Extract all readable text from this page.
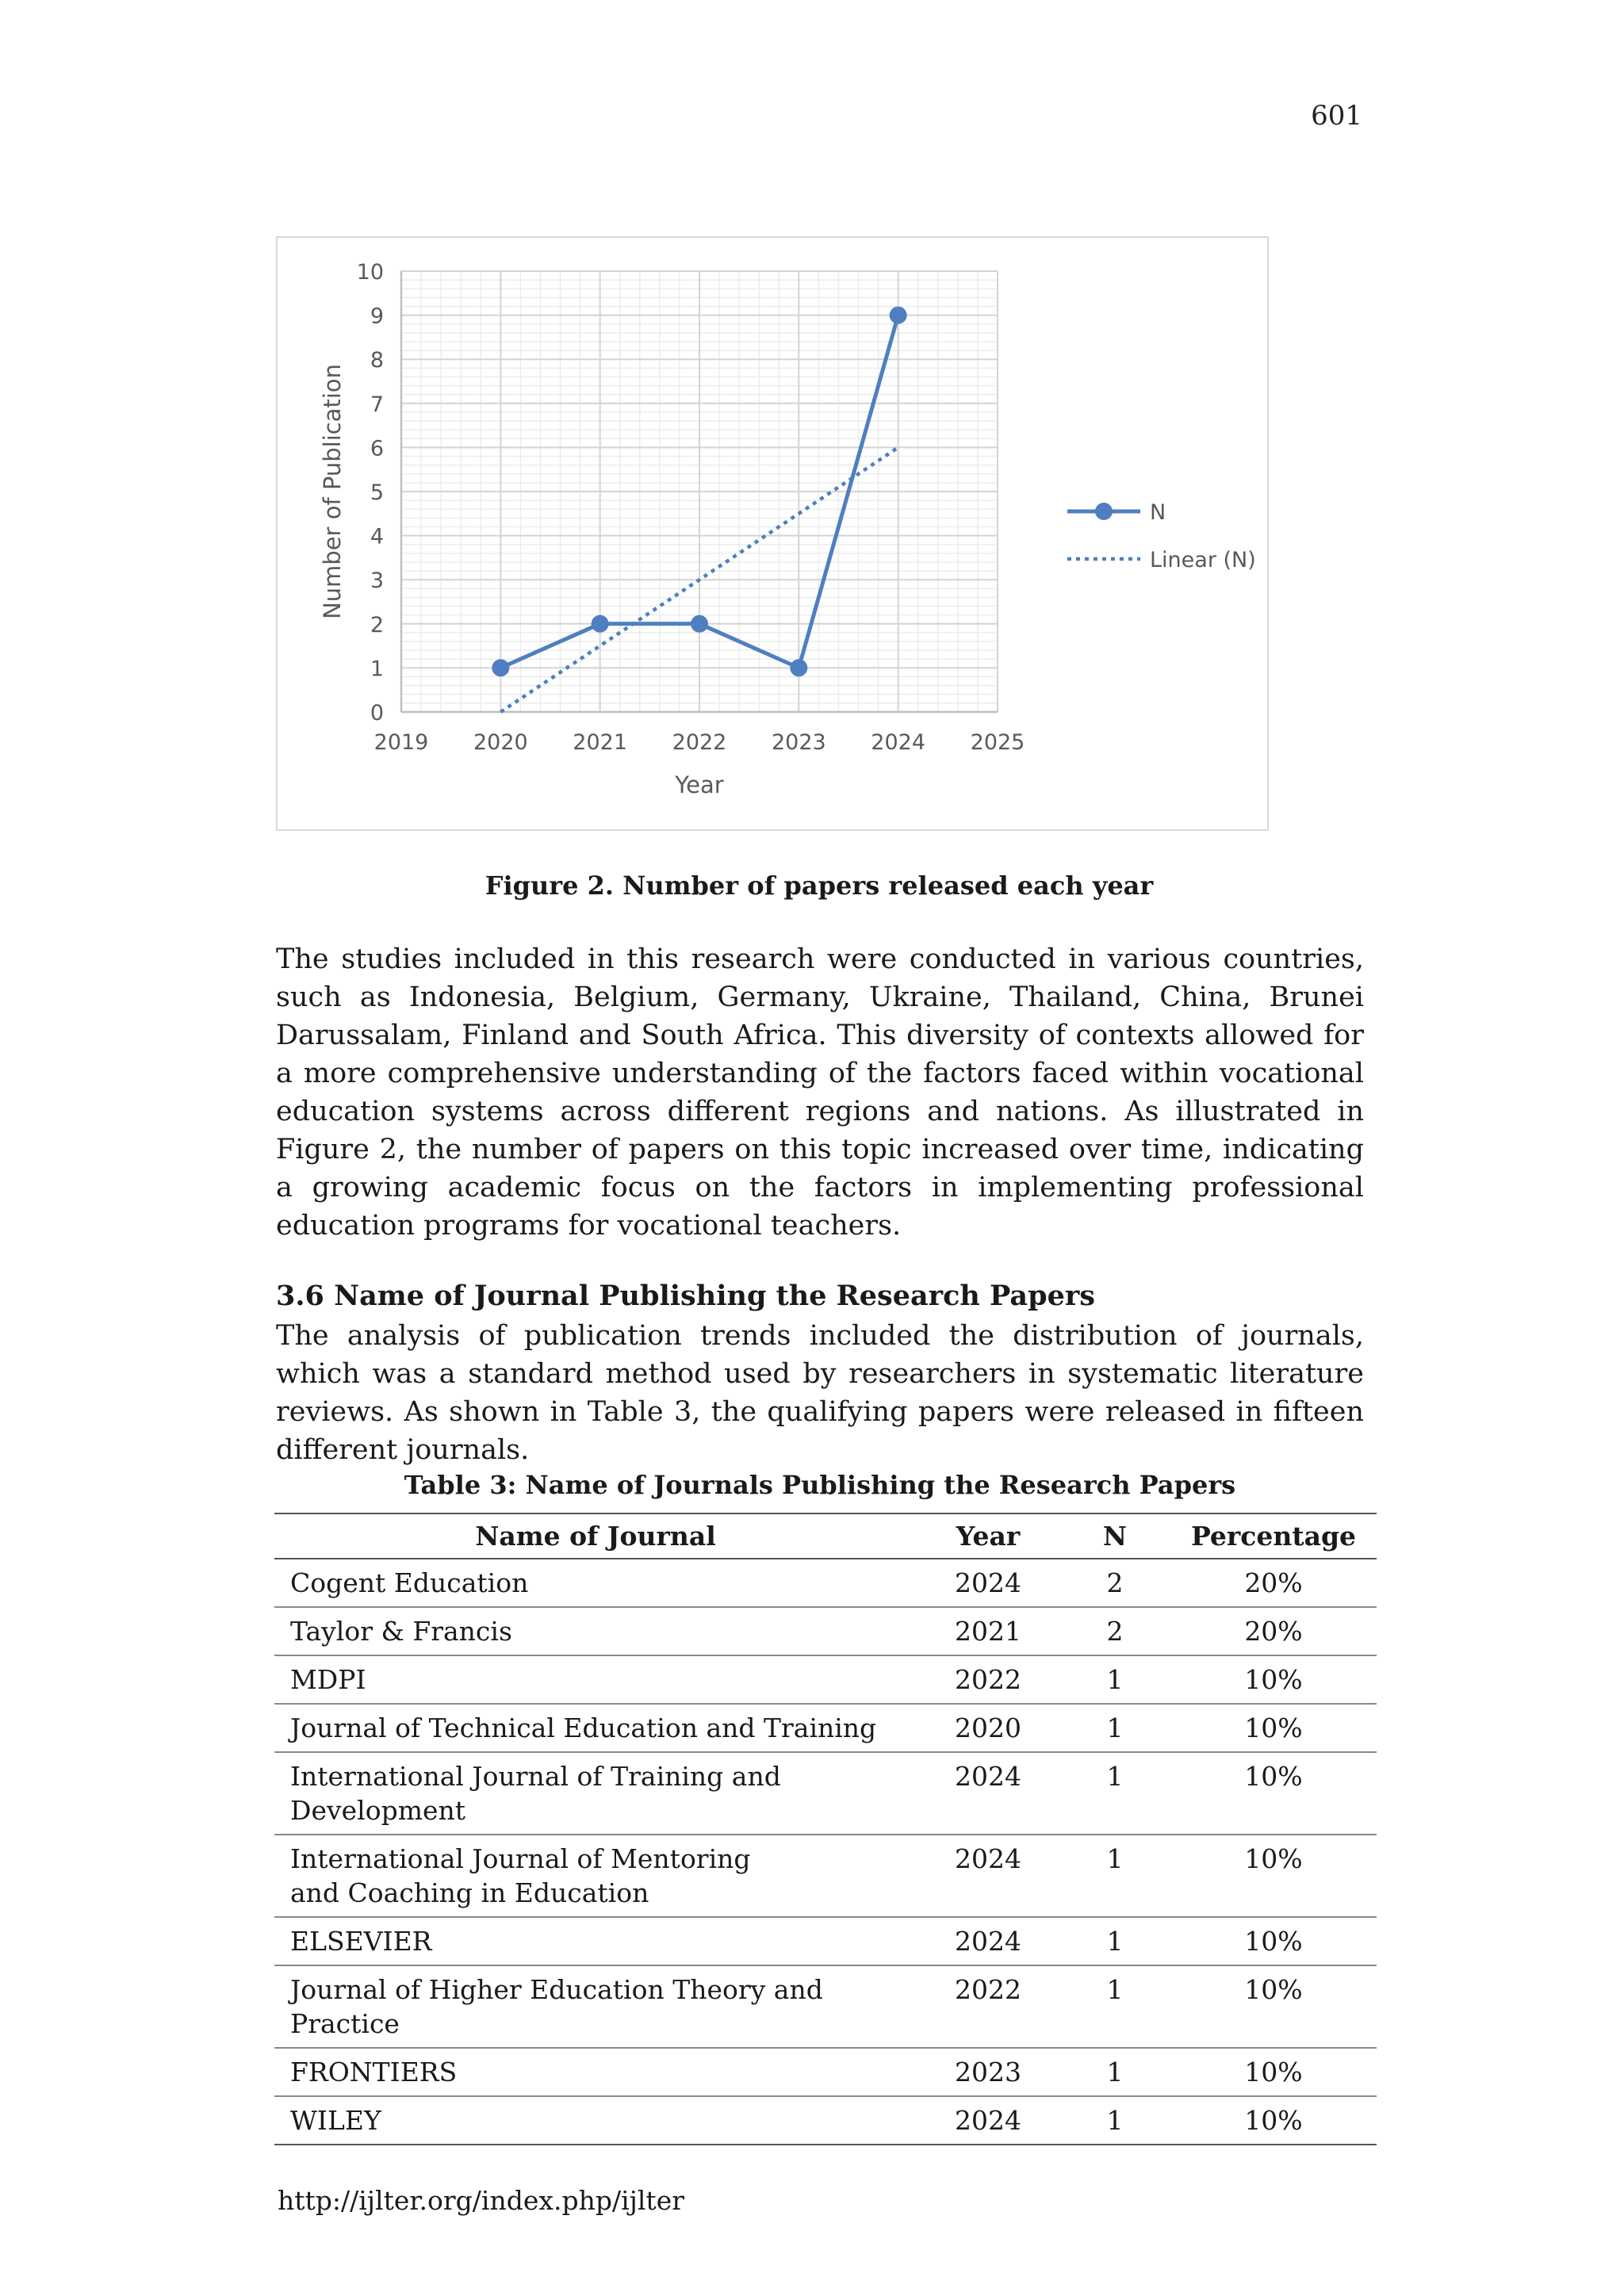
601
0
1
2
3
4
5
6
7
8
9
10
2019 2020 2021 2022 2023 2024 2025
Year
Number of Publication	N
Linear (N)
Figure 2. Number of papers released each year

The studies included in this research were conducted in various countries, such as Indonesia, Belgium, Germany, Ukraine, Thailand, China, Brunei Darussalam, Finland and South Africa. This diversity of contexts allowed for a more comprehensive understanding of the factors faced within vocational education systems across different regions and nations. As illustrated in Figure 2, the number of papers on this topic increased over time, indicating a growing academic focus on the factors in implementing professional education programs for vocational teachers.

3.6 Name of Journal Publishing the Research Papers

The analysis of publication trends included the distribution of journals, which was a standard method used by researchers in systematic literature reviews. As shown in Table 3, the qualifying papers were released in fifteen different journals.

Table 3: Name of Journals Publishing the Research Papers
Name of Journal	Year	N	Percentage
Cogent Education	2024	2	20%
Taylor & Francis	2021	2	20%
MDPI	2022	1	10%
Journal of Technical Education and Training	2020	1	10%
International Journal of Training and Development	2024	1	10%

International Journal of Mentoring
and Coaching in Education	2024	1	10%
ELSEVIER	2024	1	10%
Journal of Higher Education Theory and Practice	2022	1	10%
FRONTIERS	2023	1	10%
WILEY	2024	1	10%
http://ijlter.org/index.php/ijlter
